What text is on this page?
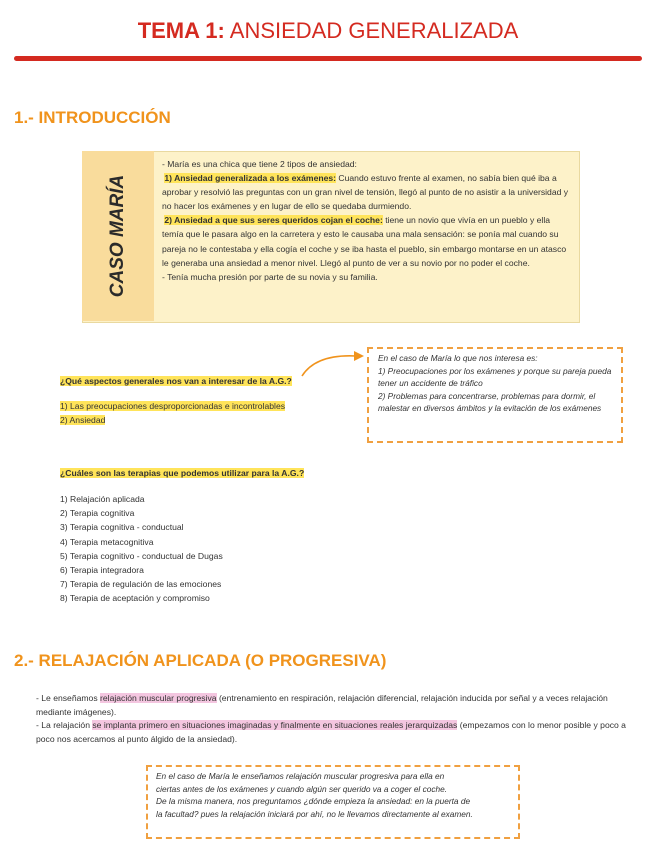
TEMA 1: ANSIEDAD GENERALIZADA
1.- INTRODUCCIÓN
CASO MARÍA

- María es una chica que tiene 2 tipos de ansiedad:

1) Ansiedad generalizada a los exámenes: Cuando estuvo frente al examen, no sabía bien qué iba a aprobar y resolvió las preguntas con un gran nivel de tensión, llegó al punto de no asistir a la universidad y no hacer los exámenes y en lugar de ello se quedaba durmiendo.

2) Ansiedad a que sus seres queridos cojan el coche: tiene un novio que vivía en un pueblo y ella temía que le pasara algo en la carretera y esto le causaba una mala sensación: se ponía mal cuando su pareja no le contestaba y ella cogía el coche y se iba hasta el pueblo, sin embargo montarse en un atasco le generaba una ansiedad a menor nivel. Llegó al punto de ver a su novio por no poder el coche.

- Tenía mucha presión por parte de su novia y su familia.

¿Qué aspectos generales nos van a interesar de la A.G.?
1) Las preocupaciones desproporcionadas e incontrolables
2) Ansiedad

En el caso de María lo que nos interesa es:

1) Preocupaciones por los exámenes y porque su pareja pueda tener un accidente de tráfico

2) Problemas para concentrarse, problemas para dormir, el malestar en diversos ámbitos y la evitación de los exámenes

¿Cuáles son las terapias que podemos utilizar para la A.G.?
1) Relajación aplicada
2) Terapia cognitiva
3) Terapia cognitiva - conductual
4) Terapia metacognitiva
5) Terapia cognitivo - conductual de Dugas
6) Terapia integradora
7) Terapia de regulación de las emociones
8) Terapia de aceptación y compromiso
2.- RELAJACIÓN APLICADA (O PROGRESIVA)

- Le enseñamos relajación muscular progresiva (entrenamiento en respiración, relajación diferencial, relajación inducida por señal y a veces relajación mediante imágenes).

- La relajación se implanta primero en situaciones imaginadas y finalmente en situaciones reales jerarquizadas (empezamos con lo menor posible y poco a poco nos acercamos al punto álgido de la ansiedad).

En el caso de María le enseñamos relajación muscular progresiva para ella en

ciertas antes de los exámenes y cuando algún ser querido va a coger el coche.

De la misma manera, nos preguntamos ¿dónde empieza la ansiedad: en la puerta de

la facultad? pues la relajación iniciará por ahí, no le llevamos directamente al examen.
